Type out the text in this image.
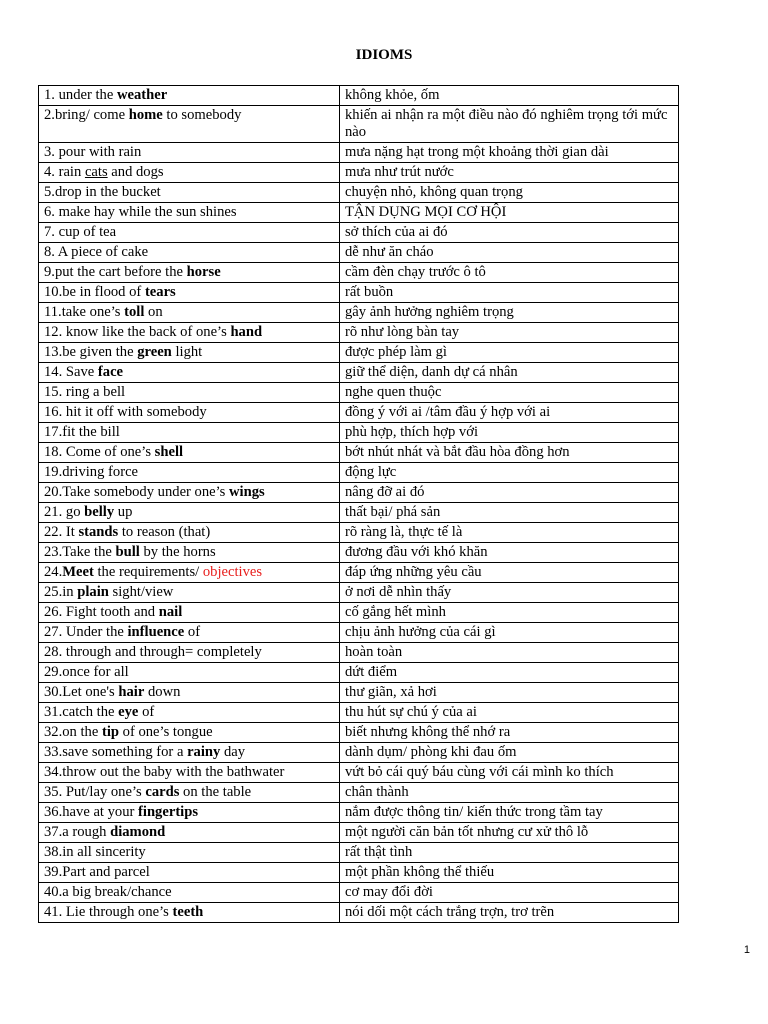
IDIOMS
1. under the weather	không khỏe, ốm
2.bring/ come home to somebody	khiến ai nhận ra một điều nào đó nghiêm trọng tới mức nào
3. pour with rain	mưa nặng hạt trong một khoảng thời gian dài
4. rain cats and dogs	mưa như trút nước
5.drop in the bucket	chuyện nhỏ, không quan trọng
6. make hay while the sun shines	TẬN DỤNG MỌI CƠ HỘI
7. cup of tea	sở thích của ai đó
8. A piece of cake	dễ như ăn cháo
9.put the cart before the horse	cầm đèn chạy trước ô tô
10.be in flood of tears	rất buồn
11.take one’s toll on	gây ảnh hưởng nghiêm trọng
12. know like the back of one’s hand	rõ như lòng bàn tay
13.be given the green light	được phép làm gì
14. Save face	giữ thể diện, danh dự cá nhân
15. ring a bell	nghe quen thuộc
16. hit it off with somebody	đồng ý với ai /tâm đầu ý hợp với ai
17.fit the bill	phù hợp, thích hợp với
18. Come of one’s shell	bớt nhút nhát và bắt đầu hòa đồng hơn
19.driving force	động lực
20.Take somebody under one’s wings	nâng đỡ ai đó
21. go belly up	thất bại/ phá sản
22. It stands to reason (that)	rõ ràng là, thực tế là
23.Take the bull by the horns	đương đầu với khó khăn
24.Meet the requirements/ objectives	đáp ứng những yêu cầu
25.in plain sight/view	ở nơi dễ nhìn thấy
26. Fight tooth and nail	cố gắng hết mình
27. Under the influence of	chịu ảnh hưởng của cái gì
28. through and through= completely	hoàn toàn
29.once for all	dứt điểm
30.Let one's hair down	thư giãn, xả hơi
31.catch the eye of	thu hút sự chú ý của ai
32.on the tip of one’s tongue	biết nhưng không thể nhớ ra
33.save something for a rainy day	dành dụm/ phòng khi đau ốm
34.throw out the baby with the bathwater	vứt bỏ cái quý báu cùng với cái mình ko thích
35. Put/lay one’s cards on the table	chân thành
36.have at your fingertips	nắm được thông tin/ kiến thức trong tầm tay
37.a rough diamond	một người căn bản tốt nhưng cư xử thô lỗ
38.in all sincerity	rất thật tình
39.Part and parcel	một phần không thể thiếu
40.a big break/chance	cơ may đổi đời
41. Lie through one’s teeth	nói dối một cách trắng trợn, trơ trẽn
1
